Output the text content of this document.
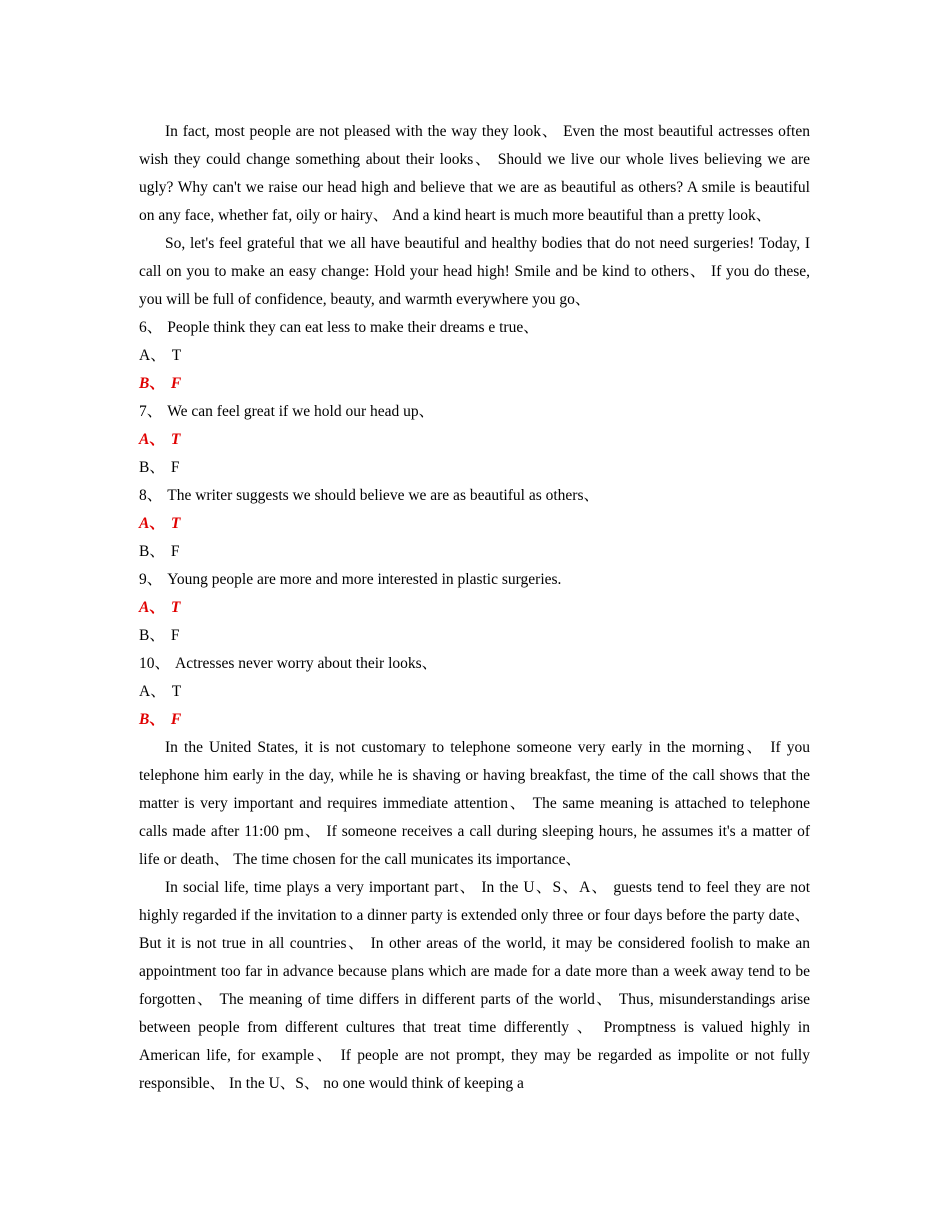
In fact, most people are not pleased with the way they look、 Even the most beautiful actresses often wish they could change something about their looks、 Should we live our whole lives believing we are ugly? Why can't we raise our head high and believe that we are as beautiful as others? A smile is beautiful on any face, whether fat, oily or hairy、 And a kind heart is much more beautiful than a pretty look、

So, let's feel grateful that we all have beautiful and healthy bodies that do not need surgeries! Today, I call on you to make an easy change: Hold your head high! Smile and be kind to others、 If you do these, you will be full of confidence, beauty, and warmth everywhere you go、

6、 People think they can eat less to make their dreams e true、

A、 T

B、 F

7、 We can feel great if we hold our head up、

A、 T

B、 F

8、 The writer suggests we should believe we are as beautiful as others、

A、 T

B、 F

9、 Young people are more and more interested in plastic surgeries.

A、 T

B、 F

10、 Actresses never worry about their looks、

A、 T

B、 F

In the United States, it is not customary to telephone someone very early in the morning、 If you telephone him early in the day, while he is shaving or having breakfast, the time of the call shows that the matter is very important and requires immediate attention、 The same meaning is attached to telephone calls made after 11:00 pm、 If someone receives a call during sleeping hours, he assumes it's a matter of life or death、 The time chosen for the call municates its importance、

In social life, time plays a very important part、 In the U、S、A、 guests tend to feel they are not highly regarded if the invitation to a dinner party is extended only three or four days before the party date、 But it is not true in all countries、 In other areas of the world, it may be considered foolish to make an appointment too far in advance because plans which are made for a date more than a week away tend to be forgotten、 The meaning of time differs in different parts of the world、 Thus, misunderstandings arise between people from different cultures that treat time differently 、 Promptness is valued highly in American life, for example、 If people are not prompt, they may be regarded as impolite or not fully responsible、 In the U、S、 no one would think of keeping a
